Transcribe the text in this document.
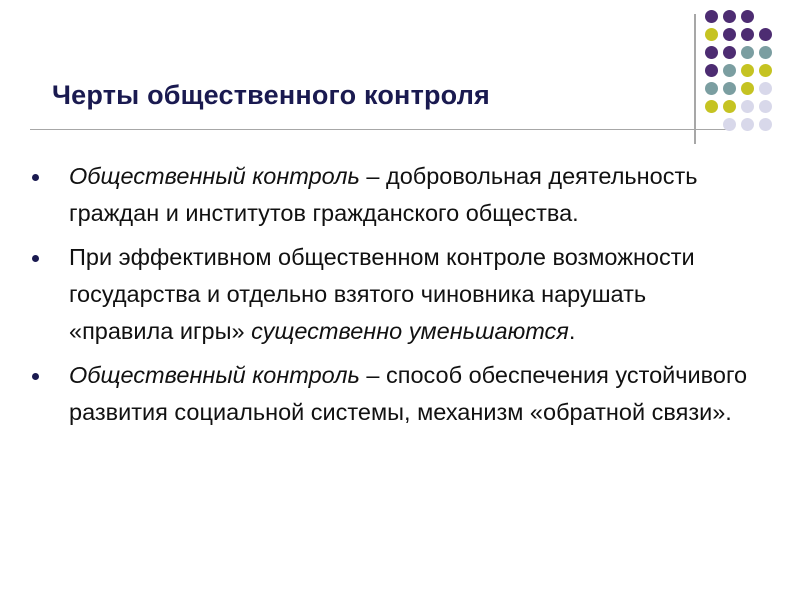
Черты общественного контроля
Общественный контроль – добровольная деятельность граждан и институтов гражданского общества.
При эффективном общественном контроле возможности государства и отдельно взятого чиновника нарушать «правила игры» существенно уменьшаются.
Общественный контроль – способ обеспечения устойчивого развития социальной системы, механизм «обратной связи».
